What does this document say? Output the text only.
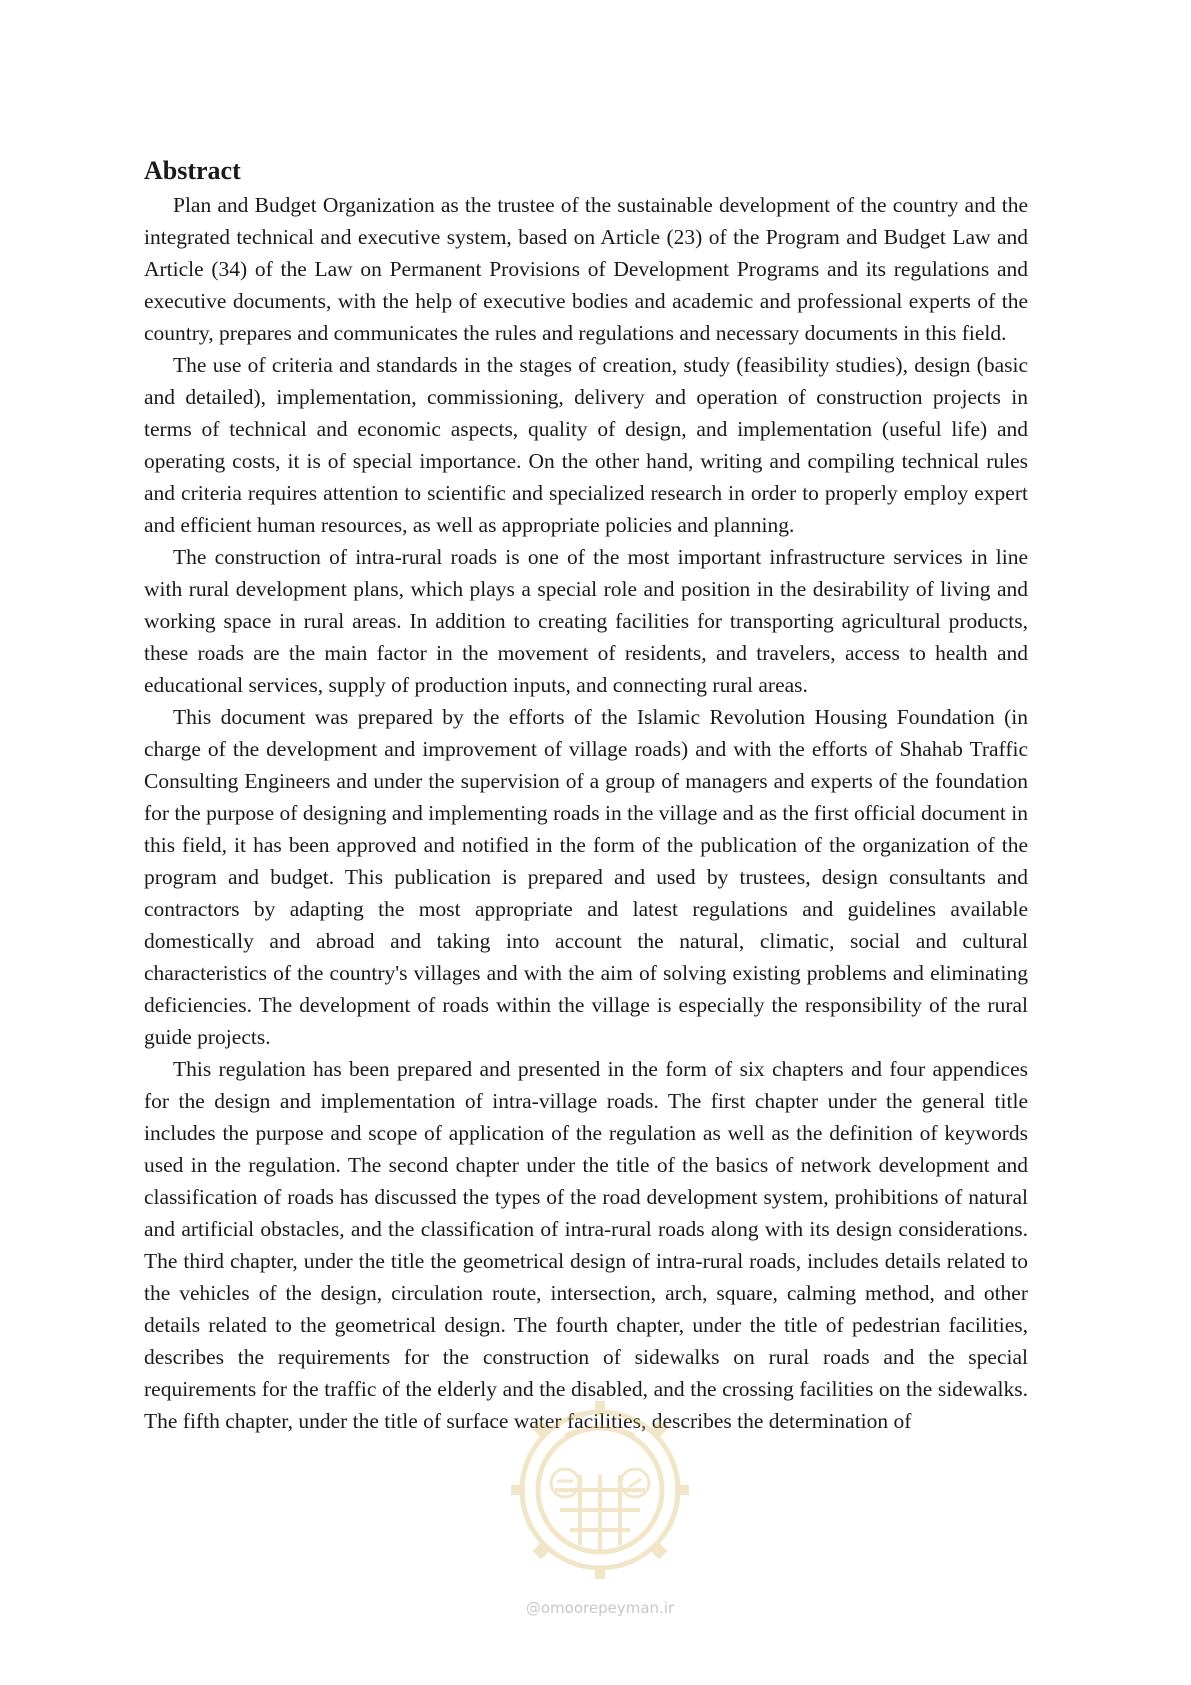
Abstract

Plan and Budget Organization as the trustee of the sustainable development of the country and the integrated technical and executive system, based on Article (23) of the Program and Budget Law and Article (34) of the Law on Permanent Provisions of Development Programs and its regulations and executive documents, with the help of executive bodies and academic and professional experts of the country, prepares and communicates the rules and regulations and necessary documents in this field.

The use of criteria and standards in the stages of creation, study (feasibility studies), design (basic and detailed), implementation, commissioning, delivery and operation of construction projects in terms of technical and economic aspects, quality of design, and implementation (useful life) and operating costs, it is of special importance. On the other hand, writing and compiling technical rules and criteria requires attention to scientific and specialized research in order to properly employ expert and efficient human resources, as well as appropriate policies and planning.

The construction of intra-rural roads is one of the most important infrastructure services in line with rural development plans, which plays a special role and position in the desirability of living and working space in rural areas. In addition to creating facilities for transporting agricultural products, these roads are the main factor in the movement of residents, and travelers, access to health and educational services, supply of production inputs, and connecting rural areas.

This document was prepared by the efforts of the Islamic Revolution Housing Foundation (in charge of the development and improvement of village roads) and with the efforts of Shahab Traffic Consulting Engineers and under the supervision of a group of managers and experts of the foundation for the purpose of designing and implementing roads in the village and as the first official document in this field, it has been approved and notified in the form of the publication of the organization of the program and budget. This publication is prepared and used by trustees, design consultants and contractors by adapting the most appropriate and latest regulations and guidelines available domestically and abroad and taking into account the natural, climatic, social and cultural characteristics of the country's villages and with the aim of solving existing problems and eliminating deficiencies. The development of roads within the village is especially the responsibility of the rural guide projects.

This regulation has been prepared and presented in the form of six chapters and four appendices for the design and implementation of intra-village roads. The first chapter under the general title includes the purpose and scope of application of the regulation as well as the definition of keywords used in the regulation. The second chapter under the title of the basics of network development and classification of roads has discussed the types of the road development system, prohibitions of natural and artificial obstacles, and the classification of intra-rural roads along with its design considerations. The third chapter, under the title the geometrical design of intra-rural roads, includes details related to the vehicles of the design, circulation route, intersection, arch, square, calming method, and other details related to the geometrical design. The fourth chapter, under the title of pedestrian facilities, describes the requirements for the construction of sidewalks on rural roads and the special requirements for the traffic of the elderly and the disabled, and the crossing facilities on the sidewalks. The fifth chapter, under the title of surface water facilities, describes the determination of

@omoorepeyman.ir
